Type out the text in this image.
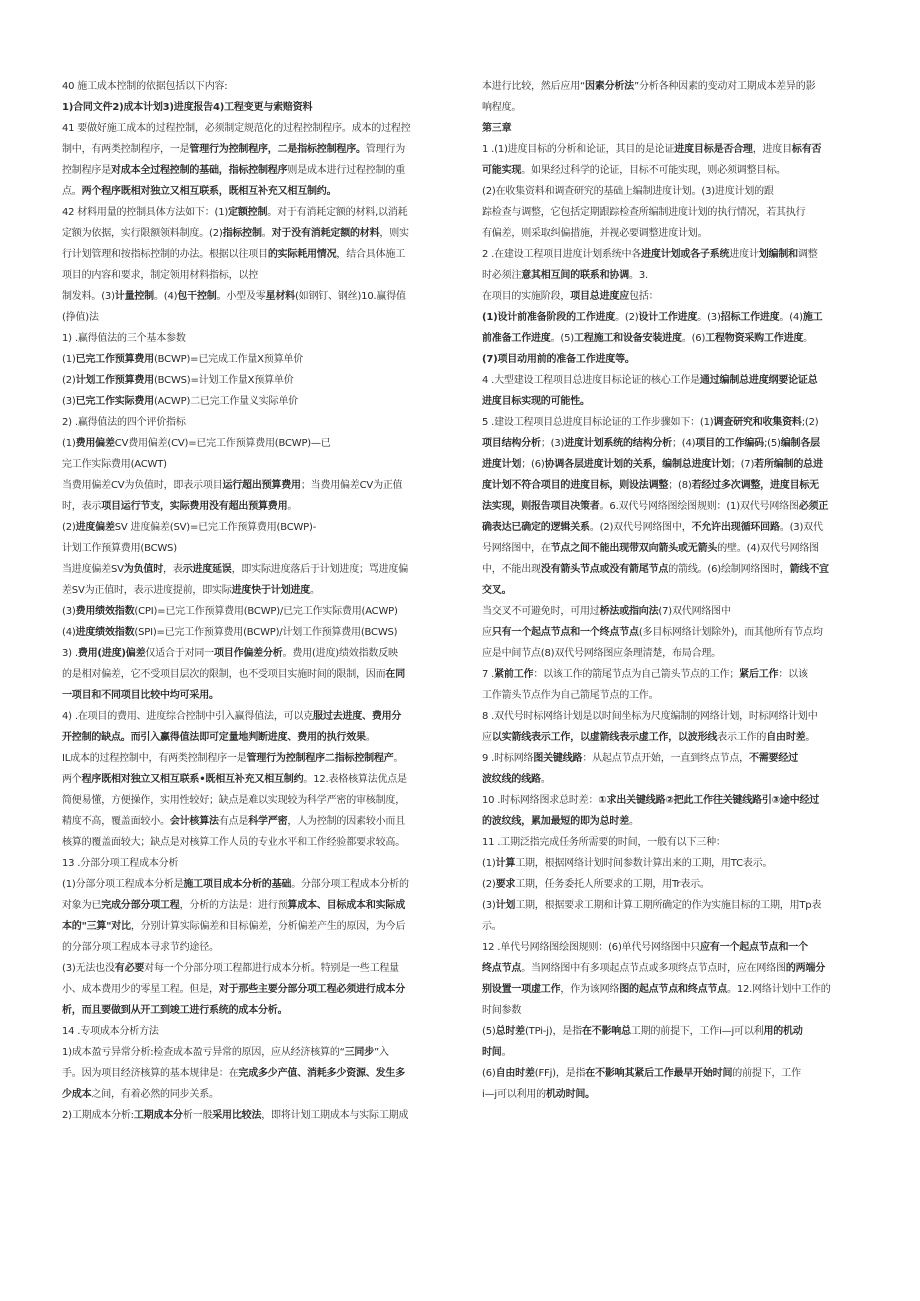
40 施工成本控制的依据包括以下内容:

1)合同文件2)成本计划3)进度报告4)工程变更与索赔资料

41 要做好施工成本的过程控制，必须制定规范化的过程控制程序。成本的过程控

制中，有两类控制程序，一是管理行为控制程序，二是指标控制程序。管理行为

控制程序是对成本全过程控制的基础，指标控制程序则是成本进行过程控制的重

点。两个程序既相对独立又相互联系，既相互补充又相互制约。

42 材料用量的控制具体方法如下：(1)定额控制。对于有消耗定额的材料,以消耗

定额为依据，实行限额领料制度。(2)指标控制。对于没有消耗定额的材料，则实

行计划管理和按指标控制的办法。根据以往项目的实际耗用情况，结合具体施工

项目的内容和要求，制定领用材料指标，以控

制发料。(3)计量控制。(4)包干控制。小型及零星材料(如钢钉、钢丝)10.赢得值

(挣值)法

1) .赢得值法的三个基本参数

(1)已完工作预算费用(BCWP)=已完成工作量X预算单价

(2)计划工作预算费用(BCWS)=计划工作量X预算单价

(3)已完工作实际费用(ACWP)二已完工作量义实际单价

2) .赢得值法的四个评价指标

(1)费用偏差CV费用偏差(CV)=已完工作预算费用(BCWP)—已

完工作实际费用(ACWT)

当费用偏差CV为负值时，即表示项目运行超出预算费用；当费用偏差CV为正值

时，表示项目运行节支，实际费用没有超出预算费用。

(2)进度偏差SV 进度偏差(SV)=已完工作预算费用(BCWP)-

计划工作预算费用(BCWS)

当进度偏差SV为负值时，表示进度延误，即实际进度落后于计划进度；骂进度偏

差SV为正值时，表示进度提前，即实际进度快于计划进度。

(3)费用绩效指数(CPI)=已完工作预算费用(BCWP)/已完工作实际费用(ACWP)

(4)进度绩效指数(SPI)=已完工作预算费用(BCWP)/计划工作预算费用(BCWS)

3) .费用(进度)偏差仅适合于对同一项目作偏差分析。费用(进度)绩效指数反映

的是相对偏差，它不受项目层次的限制，也不受项目实施时间的限制，因而在同

一项目和不同项目比较中均可采用。

4) .在项目的费用、进度综合控制中引入赢得值法，可以克服过去进度、费用分

开控制的缺点。而引入赢得值法即可定量地判断进度、费用的执行效果。

IL成本的过程控制中，有两类控制程序一是管理行为控制程序二指标控制程产。

两个程序既相对独立又相互联系•既相互补充又相互制约。12.表格核算法优点是

简便易懂，方便操作，实用性较好；缺点是难以实现较为科学严密的审核制度，

精度不高，覆盖面较小。会计核算法有点是科学严密，人为控制的因素较小而且

核算的覆盖面较大；缺点是对核算工作人员的专业水平和工作经验都要求较高。

13 .分部分项工程成本分析

(1)分部分项工程成本分析是施工项目成本分析的基础。分部分项工程成本分析的

对象为已完成分部分项工程，分析的方法是：进行预算成本、目标成本和实际成

本的"三算"对比，分别计算实际偏差和目标偏差，分析偏差产生的原因，为今后

的分部分项工程成本寻求节约途径。

(3)无法也没有必要对每一个分部分项工程都进行成本分析。特别是一些工程量

小、成本费用少的零星工程。但是，对于那些主要分部分项工程必须进行成本分

析，而且要做到从开工到竣工进行系统的成本分析。

14 .专项成本分析方法

1)成本盈亏异常分析:检查成本盈亏异常的原因，应从经济核算的“三同步”入

手。因为项目经济核算的基本规律是：在完成多少产值、消耗多少资源、发生多

少成本之间，有着必然的同步关系。

2)工期成本分析:工期成本分析一般采用比较法，即将计划工期成本与实际工期成

本进行比较，然后应用“因素分析法”分析各种因素的变动对工期成本差异的影

响程度。

第三章

1 .(1)进度目标的分析和论证，其目的是论证进度目标是否合理，进度目标有否

可能实现。如果经过科学的论证，目标不可能实现，则必须调整目标。

(2)在收集资料和调查研究的基础上编制进度计划。(3)进度计划的跟

踪检查与调整，它包括定期跟踪检查所编制进度计划的执行情况，若其执行

有偏差，则采取纠偏措施，并视必要调整进度计划。

2 .在建设工程项目进度计划系统中各进度计划或各子系统进度计划编制和调整

时必须注意其相互间的联系和协调。3.

在项目的实施阶段，项目总进度应包括：

(1)设计前准备阶段的工作进度。(2)设计工作进度。(3)招标工作进度。(4)施工

前准备工作进度。(5)工程施工和设备安装进度。(6)工程物资采购工作进度。

(7)项目动用前的准备工作进度等。

4 .大型建设工程项目总进度目标论证的核心工作是通过编制总进度纲要论证总

进度目标实现的可能性。

5 .建设工程项目总进度目标论证的工作步骤如下：(1)调查研究和收集资料;(2)

项目结构分析；(3)进度计划系统的结构分析；(4)项目的工作编码;(5)编制各层

进度计划；(6)协调各层进度计划的关系，编制总进度计划；(7)若所编制的总进

度计划不符合项目的进度目标，则设法调整；(8)若经过多次调整，进度目标无

法实现，则报告项目决策者。6.双代号网络图绘图规则：(1)双代号网络图必须正

确表达已确定的逻辑关系。(2)双代号网络图中，不允许出现循环回路。(3)双代

号网络图中，在节点之间不能出现带双向箭头或无箭头的壁。(4)双代号网络图

中，不能出现没有箭头节点或没有箭尾节点的箭线。(6)绘制网络图时，箭线不宜

交叉。

当交叉不可避免时，可用过桥法或指向法(7)双代网络图中

应只有一个起点节点和一个终点节点(多目标网络计划除外)，而其他所有节点均

应是中间节点(8)双代号网络图应条理清楚，布局合理。

7 .紧前工作：以该工作的箭尾节点为自己箭头节点的工作；紧后工作：以该

工作箭头节点作为自己箭尾节点的工作。

8 .双代号时标网络计划是以时间坐标为尺度编制的网络计划，时标网络计划中

应以实箭线表示工作，以虚箭线表示虚工作，以波形线表示工作的自由时差。

9 .时标网络图关键线路：从起点节点开始，一直到终点节点，不需要经过

波纹线的线路。

10 .时标网络图求总时差：①求出关键线路②把此工作往关键线路引③途中经过

的波纹线，累加最短的即为总时差。

11 .工期泛指完成任务所需要的时间，一般有以下三种：

(1)计算工期，根据网络计划时间参数计算出来的工期，用TC表示。

(2)要求工期，任务委托人所要求的工期，用Tr表示。

(3)计划工期，根据要求工期和计算工期所确定的作为实施目标的工期，用Tp表

示。

12 .单代号网络图绘图规则：(6)单代号网络图中只应有一个起点节点和一个

终点节点。当网络图中有多项起点节点或多项终点节点时，应在网络图的两端分

别设置一项虚工作，作为该网络图的起点节点和终点节点。12.网络计划中工作的

时间参数

(5)总时差(TPi-j)，是指在不影响总工期的前提下，工作i—j可以利用的机动

时间。

(6)自由时差(FFj)，是指在不影响其紧后工作最早开始时间的前提下，工作

i—j可以利用的机动时间。
